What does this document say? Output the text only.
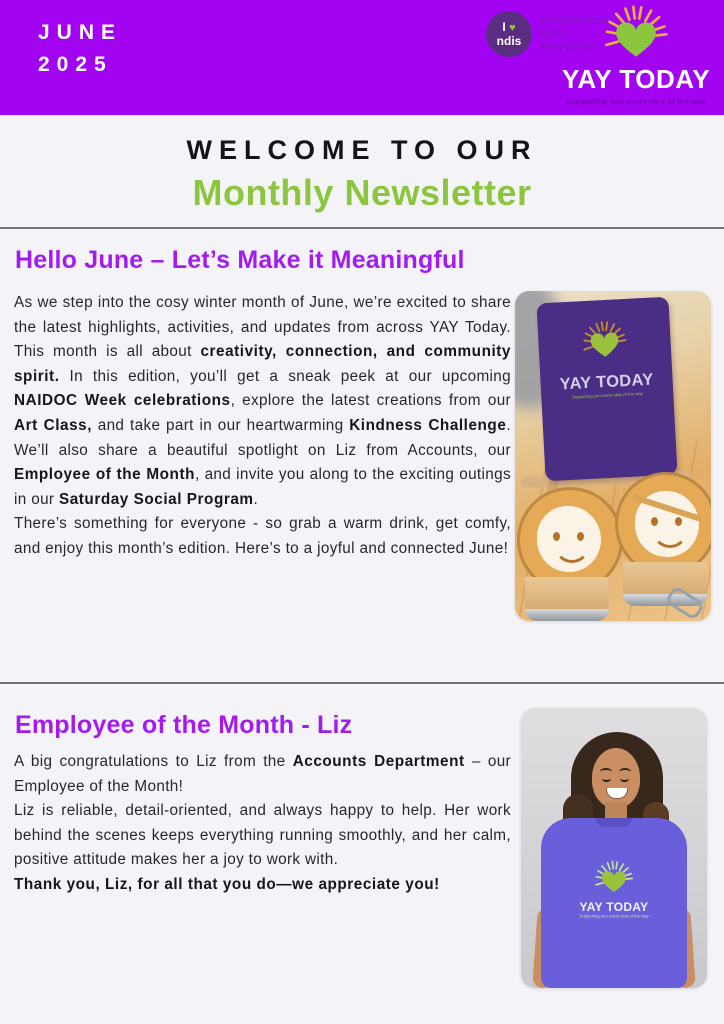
JUNE
2025
I ♥
ndis
REGISTERED
NDIS
PROVIDER
YAY TODAY
Supporting you every step of the way
WELCOME TO OUR
Monthly Newsletter
Hello June – Let’s Make it Meaningful

As we step into the cosy winter month of June, we’re excited to share the latest highlights, activities, and updates from across YAY Today. This month is all about creativity, connection, and community spirit. In this edition, you’ll get a sneak peek at our upcoming NAIDOC Week celebrations, explore the latest creations from our Art Class, and take part in our heartwarming Kindness Challenge. We’ll also share a beautiful spotlight on Liz from Accounts, our Employee of the Month, and invite you along to the exciting outings in our Saturday Social Program.

There’s something for everyone - so grab a warm drink, get comfy, and enjoy this month’s edition. Here’s to a joyful and connected June!

YAY TODAY
Supporting you every step of the way
Employee of the Month - Liz

A big congratulations to Liz from the Accounts Department – our Employee of the Month!

Liz is reliable, detail-oriented, and always happy to help. Her work behind the scenes keeps everything running smoothly, and her calm, positive attitude makes her a joy to work with.

Thank you, Liz, for all that you do—we appreciate you!

YAY TODAY
Supporting you every step of the way
